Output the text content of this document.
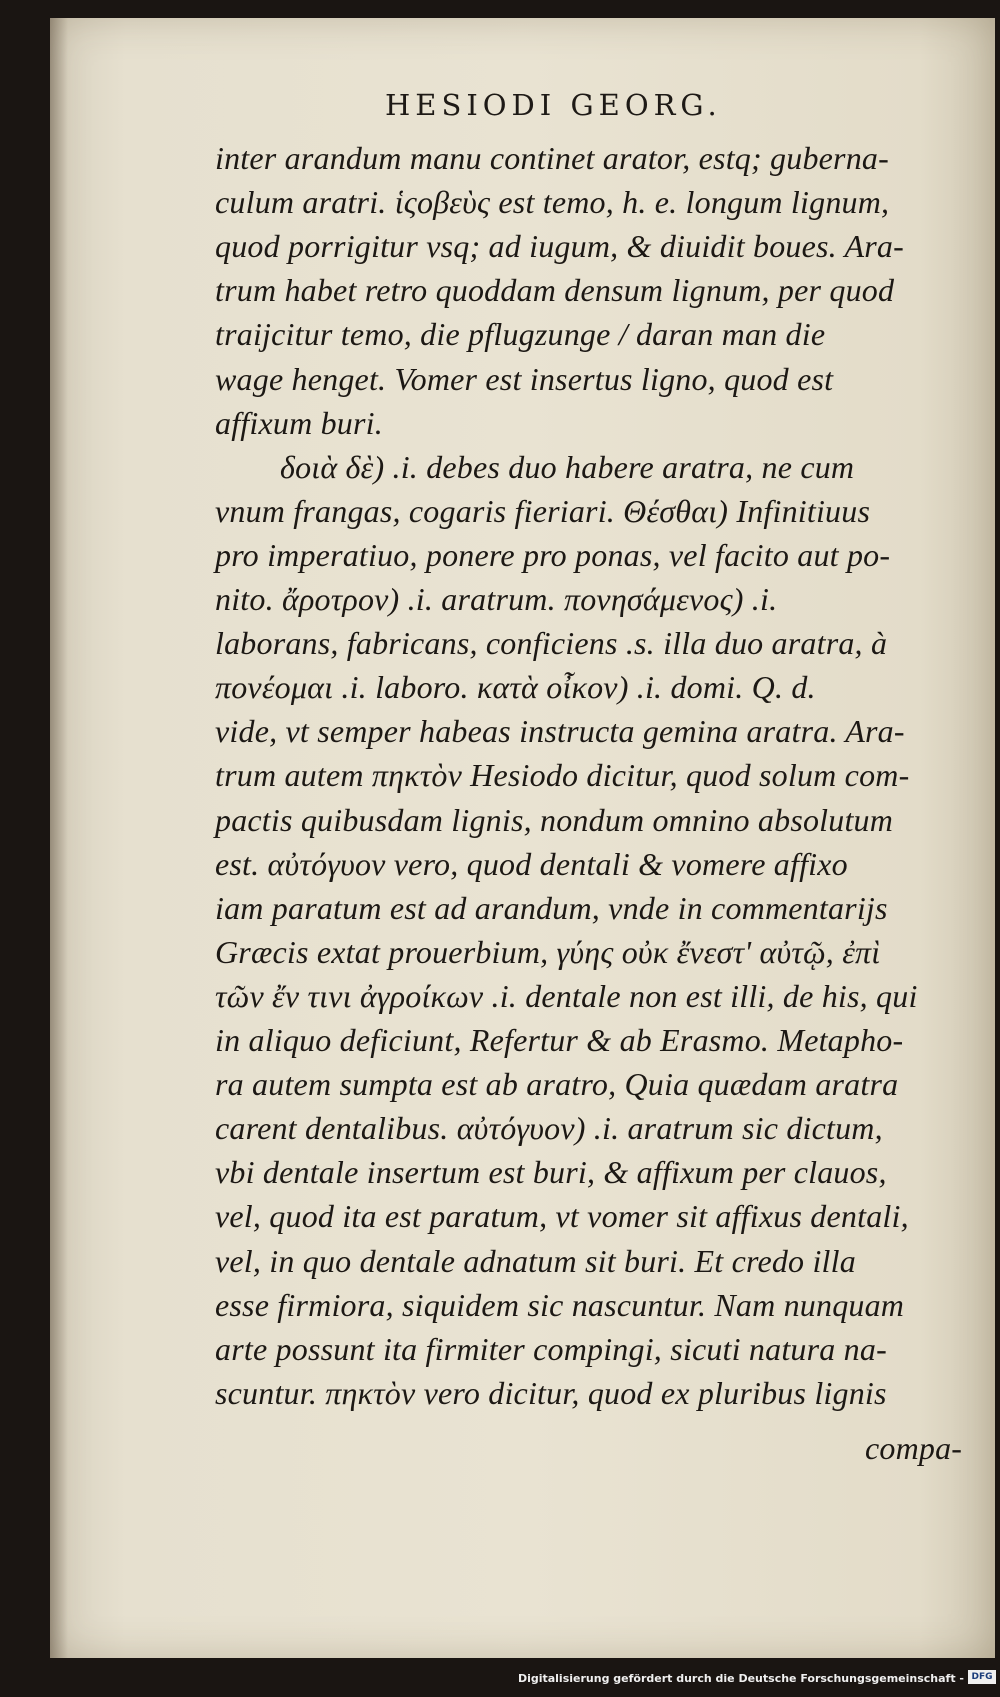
HESIODI GEORG.
inter arandum manu continet arator, estq; guberna-
culum aratri. ἱςοβεὺς est temo, h. e. longum lignum,
quod porrigitur vsq; ad iugum, & diuidit boues. Ara-
trum habet retro quoddam densum lignum, per quod
traijcitur temo, die pflugzunge / daran man die
wage henget. Vomer est insertus ligno, quod est
affixum buri.
δοιὰ δὲ) .i. debes duo habere aratra, ne cum
vnum frangas, cogaris fieriari. Θέσθαι) Infinitiuus
pro imperatiuo, ponere pro ponas, vel facito aut po-
nito. ἄροτρον) .i. aratrum. πονησάμενος) .i.
laborans, fabricans, conficiens .s. illa duo aratra, à
πονέομαι .i. laboro. κατὰ οἶκον) .i. domi. Q. d.
vide, vt semper habeas instructa gemina aratra. Ara-
trum autem πηκτὸν Hesiodo dicitur, quod solum com-
pactis quibusdam lignis, nondum omnino absolutum
est. αὐτόγυον vero, quod dentali & vomere affixo
iam paratum est ad arandum, vnde in commentarijs
Græcis extat prouerbium, γύης οὐκ ἔνεστ' αὐτῷ, ἐπὶ
τῶν ἔν τινι ἀγροίκων .i. dentale non est illi, de his, qui
in aliquo deficiunt, Refertur & ab Erasmo. Metapho-
ra autem sumpta est ab aratro, Quia quædam aratra
carent dentalibus. αὐτόγυον) .i. aratrum sic dictum,
vbi dentale insertum est buri, & affixum per clauos,
vel, quod ita est paratum, vt vomer sit affixus dentali,
vel, in quo dentale adnatum sit buri. Et credo illa
esse firmiora, siquidem sic nascuntur. Nam nunquam
arte possunt ita firmiter compingi, sicuti natura na-
scuntur. πηκτὸν vero dicitur, quod ex pluribus lignis
compa-
Digitalisierung gefördert durch die Deutsche Forschungsgemeinschaft - DFG
